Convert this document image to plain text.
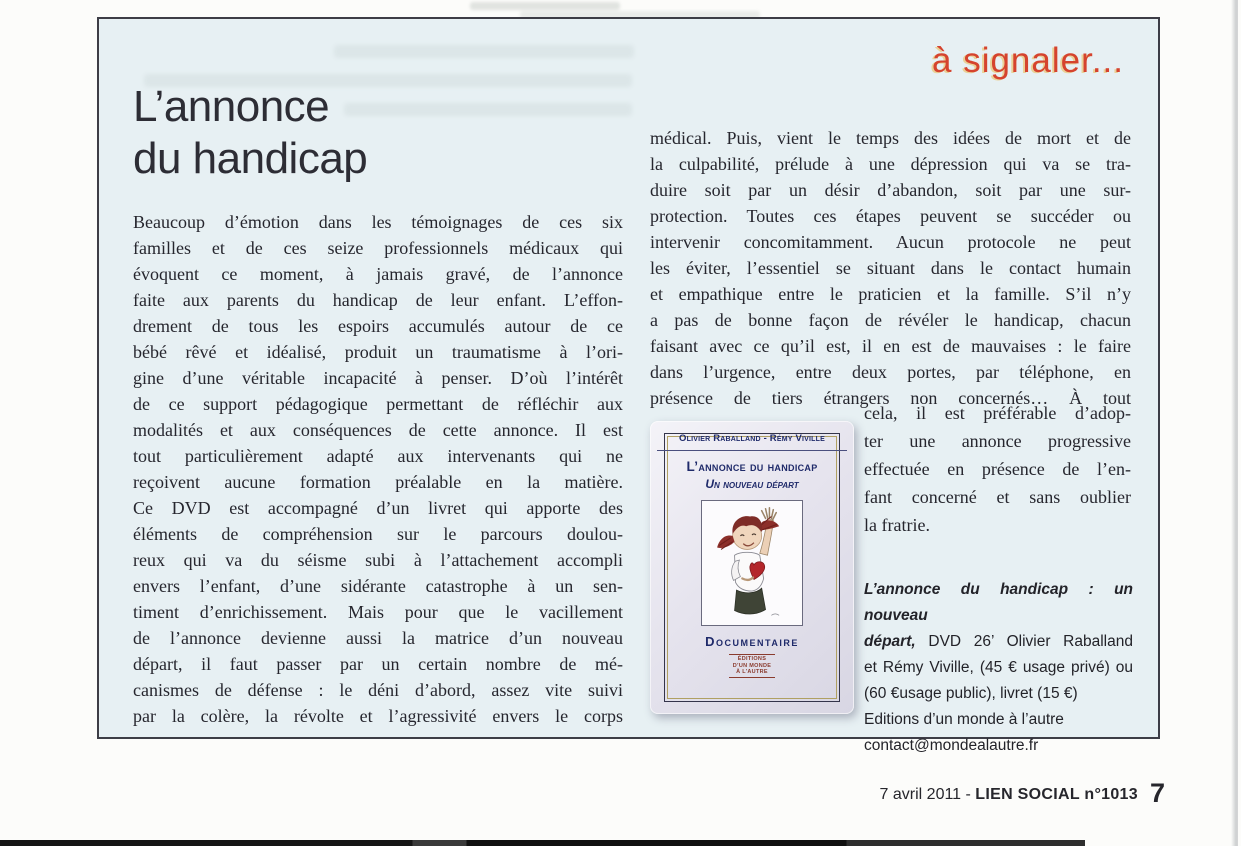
à signaler...
L’annonce
du handicap
Beaucoup d’émotion dans les témoignages de ces six
familles et de ces seize professionnels médicaux qui
évoquent ce moment, à jamais gravé, de l’annonce
faite aux parents du handicap de leur enfant. L’effon-
drement de tous les espoirs accumulés autour de ce
bébé rêvé et idéalisé, produit un traumatisme à l’ori-
gine d’une véritable incapacité à penser. D’où l’intérêt
de ce support pédagogique permettant de réfléchir aux
modalités et aux conséquences de cette annonce. Il est
tout particulièrement adapté aux intervenants qui ne
reçoivent aucune formation préalable en la matière.
Ce DVD est accompagné d’un livret qui apporte des
éléments de compréhension sur le parcours doulou-
reux qui va du séisme subi à l’attachement accompli
envers l’enfant, d’une sidérante catastrophe à un sen-
timent d’enrichissement. Mais pour que le vacillement
de l’annonce devienne aussi la matrice d’un nouveau
départ, il faut passer par un certain nombre de mé-
canismes de défense : le déni d’abord, assez vite suivi
par la colère, la révolte et l’agressivité envers le corps
médical. Puis, vient le temps des idées de mort et de
la culpabilité, prélude à une dépression qui va se tra-
duire soit par un désir d’abandon, soit par une sur-
protection. Toutes ces étapes peuvent se succéder ou
intervenir concomitamment. Aucun protocole ne peut
les éviter, l’essentiel se situant dans le contact humain
et empathique entre le praticien et la famille. S’il n’y
a pas de bonne façon de révéler le handicap, chacun
faisant avec ce qu’il est, il en est de mauvaises : le faire
dans l’urgence, entre deux portes, par téléphone, en
présence de tiers étrangers non concernés… À tout
cela, il est préférable d’adop-
ter une annonce progressive
effectuée en présence de l’en-
fant concerné et sans oublier
la fratrie.
Olivier Raballand - Rémy Viville
L’annonce du handicap
Un nouveau départ
Documentaire
ÉDITIONS
D’UN MONDE
À L’AUTRE
L’annonce du handicap : un nouveau
départ, DVD 26’ Olivier Raballand
et Rémy Viville, (45 € usage privé) ou
(60 €usage public), livret (15 €)
Editions d’un monde à l’autre
contact@mondealautre.fr
7 avril 2011 - LIEN SOCIAL n°1013 7
